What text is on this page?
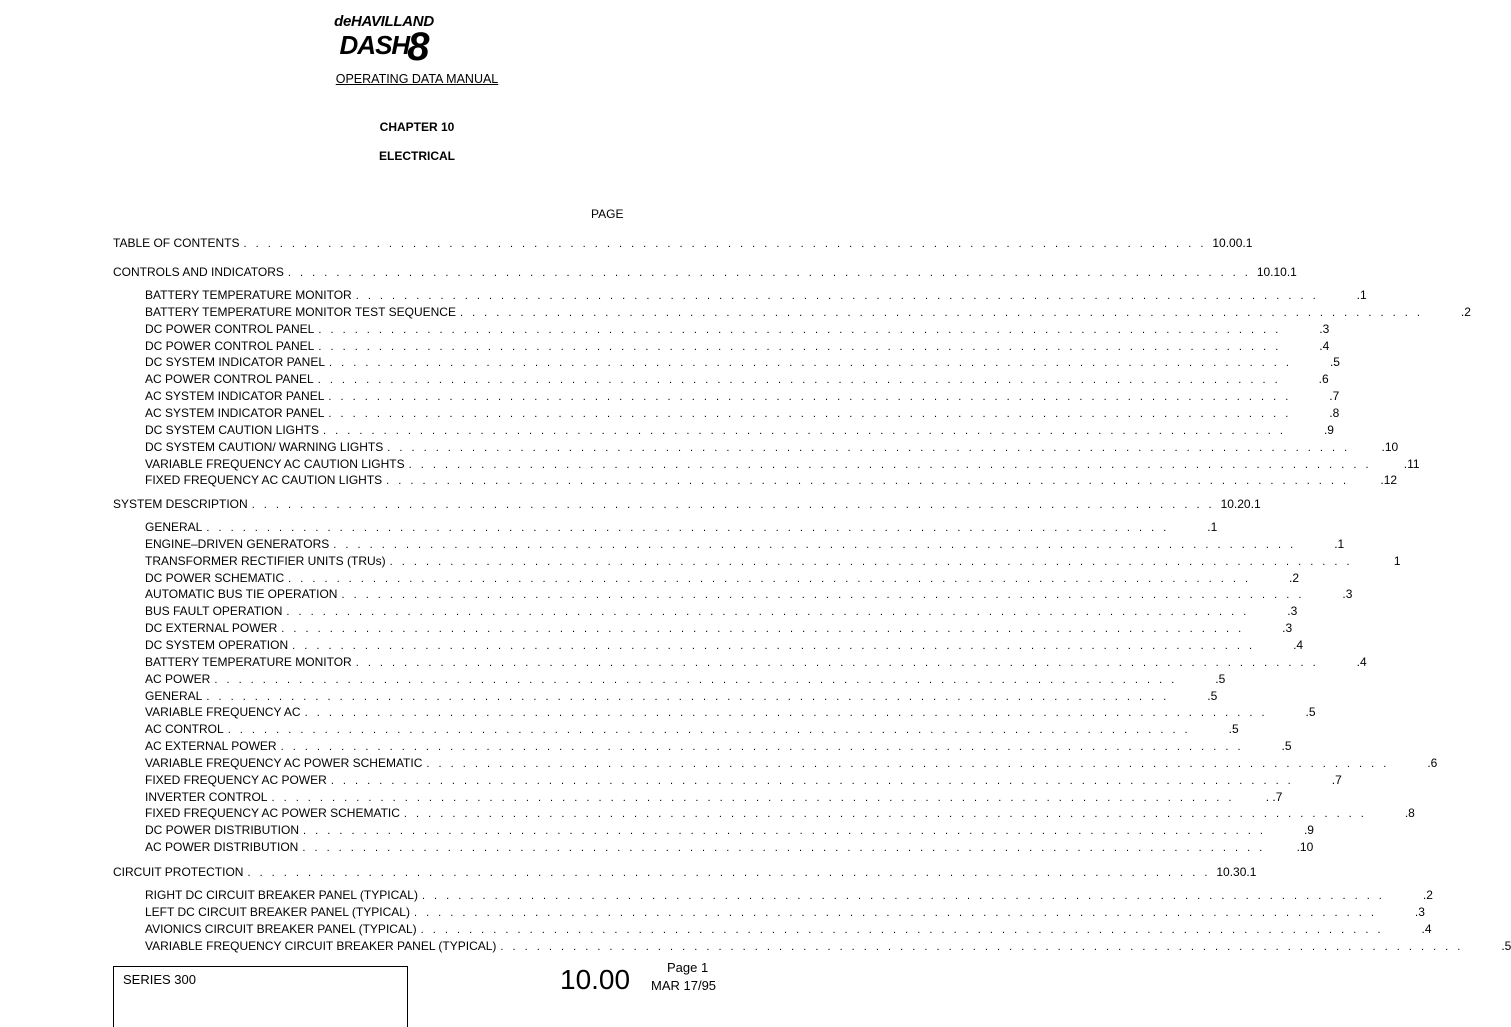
deHAVILLAND
DASH8
OPERATING DATA MANUAL
CHAPTER 10
ELECTRICAL
PAGE
TABLE OF CONTENTS . . . . . . . . . . . . . . . . . . . . . . . . . . . . . . . . . . . . . . . . . . . . . . . . . . . . . . . . . . . . . . . . . . . . . . . . . . . . . . . . 10.00.1
CONTROLS AND INDICATORS . . . . . . . . . . . . . . . . . . . . . . . . . . . . . . . . . . . . . . . . . . . . . . . . . . . . . . . . . . . . . . . . . . . . . . . . . . . . . . . . 10.10.1
BATTERY TEMPERATURE MONITOR . . . . . . . . . . . . . . . . . . . . . . . . . . . . . . . . . . . . . . . . . . . . . . . . . . . . . . . . . . . . . . . . . . . . . . . . . . . . . . . .	.1
BATTERY TEMPERATURE MONITOR TEST SEQUENCE . . . . . . . . . . . . . . . . . . . . . . . . . . . . . . . . . . . . . . . . . . . . . . . . . . . . . . . . . . . . . . . . . . . . . . . . . . . . . . . .	.2
DC POWER CONTROL PANEL . . . . . . . . . . . . . . . . . . . . . . . . . . . . . . . . . . . . . . . . . . . . . . . . . . . . . . . . . . . . . . . . . . . . . . . . . . . . . . . .	.3
DC POWER CONTROL PANEL . . . . . . . . . . . . . . . . . . . . . . . . . . . . . . . . . . . . . . . . . . . . . . . . . . . . . . . . . . . . . . . . . . . . . . . . . . . . . . . .	.4
DC SYSTEM INDICATOR PANEL . . . . . . . . . . . . . . . . . . . . . . . . . . . . . . . . . . . . . . . . . . . . . . . . . . . . . . . . . . . . . . . . . . . . . . . . . . . . . . . .	.5
AC POWER CONTROL PANEL . . . . . . . . . . . . . . . . . . . . . . . . . . . . . . . . . . . . . . . . . . . . . . . . . . . . . . . . . . . . . . . . . . . . . . . . . . . . . . . .	.6
AC SYSTEM INDICATOR PANEL . . . . . . . . . . . . . . . . . . . . . . . . . . . . . . . . . . . . . . . . . . . . . . . . . . . . . . . . . . . . . . . . . . . . . . . . . . . . . . . .	.7
AC SYSTEM INDICATOR PANEL . . . . . . . . . . . . . . . . . . . . . . . . . . . . . . . . . . . . . . . . . . . . . . . . . . . . . . . . . . . . . . . . . . . . . . . . . . . . . . . .	.8
DC SYSTEM CAUTION LIGHTS . . . . . . . . . . . . . . . . . . . . . . . . . . . . . . . . . . . . . . . . . . . . . . . . . . . . . . . . . . . . . . . . . . . . . . . . . . . . . . . .	.9
DC SYSTEM CAUTION/ WARNING LIGHTS . . . . . . . . . . . . . . . . . . . . . . . . . . . . . . . . . . . . . . . . . . . . . . . . . . . . . . . . . . . . . . . . . . . . . . . . . . . . . . . .	.10
VARIABLE FREQUENCY AC CAUTION LIGHTS . . . . . . . . . . . . . . . . . . . . . . . . . . . . . . . . . . . . . . . . . . . . . . . . . . . . . . . . . . . . . . . . . . . . . . . . . . . . . . . .	.11
FIXED FREQUENCY AC CAUTION LIGHTS . . . . . . . . . . . . . . . . . . . . . . . . . . . . . . . . . . . . . . . . . . . . . . . . . . . . . . . . . . . . . . . . . . . . . . . . . . . . . . . .	.12
SYSTEM DESCRIPTION . . . . . . . . . . . . . . . . . . . . . . . . . . . . . . . . . . . . . . . . . . . . . . . . . . . . . . . . . . . . . . . . . . . . . . . . . . . . . . . . 10.20.1
GENERAL . . . . . . . . . . . . . . . . . . . . . . . . . . . . . . . . . . . . . . . . . . . . . . . . . . . . . . . . . . . . . . . . . . . . . . . . . . . . . . . .	.1
ENGINE–DRIVEN GENERATORS . . . . . . . . . . . . . . . . . . . . . . . . . . . . . . . . . . . . . . . . . . . . . . . . . . . . . . . . . . . . . . . . . . . . . . . . . . . . . . . .	.1
TRANSFORMER RECTIFIER UNITS (TRUs) . . . . . . . . . . . . . . . . . . . . . . . . . . . . . . . . . . . . . . . . . . . . . . . . . . . . . . . . . . . . . . . . . . . . . . . . . . . . . . . .	1
DC POWER SCHEMATIC . . . . . . . . . . . . . . . . . . . . . . . . . . . . . . . . . . . . . . . . . . . . . . . . . . . . . . . . . . . . . . . . . . . . . . . . . . . . . . . .	.2
AUTOMATIC BUS TIE OPERATION . . . . . . . . . . . . . . . . . . . . . . . . . . . . . . . . . . . . . . . . . . . . . . . . . . . . . . . . . . . . . . . . . . . . . . . . . . . . . . . .	.3
BUS FAULT OPERATION . . . . . . . . . . . . . . . . . . . . . . . . . . . . . . . . . . . . . . . . . . . . . . . . . . . . . . . . . . . . . . . . . . . . . . . . . . . . . . . .	.3
DC EXTERNAL POWER . . . . . . . . . . . . . . . . . . . . . . . . . . . . . . . . . . . . . . . . . . . . . . . . . . . . . . . . . . . . . . . . . . . . . . . . . . . . . . . .	.3
DC SYSTEM OPERATION . . . . . . . . . . . . . . . . . . . . . . . . . . . . . . . . . . . . . . . . . . . . . . . . . . . . . . . . . . . . . . . . . . . . . . . . . . . . . . . .	.4
BATTERY TEMPERATURE MONITOR . . . . . . . . . . . . . . . . . . . . . . . . . . . . . . . . . . . . . . . . . . . . . . . . . . . . . . . . . . . . . . . . . . . . . . . . . . . . . . . .	.4
AC POWER . . . . . . . . . . . . . . . . . . . . . . . . . . . . . . . . . . . . . . . . . . . . . . . . . . . . . . . . . . . . . . . . . . . . . . . . . . . . . . . .	.5
GENERAL . . . . . . . . . . . . . . . . . . . . . . . . . . . . . . . . . . . . . . . . . . . . . . . . . . . . . . . . . . . . . . . . . . . . . . . . . . . . . . . .	.5
VARIABLE FREQUENCY AC . . . . . . . . . . . . . . . . . . . . . . . . . . . . . . . . . . . . . . . . . . . . . . . . . . . . . . . . . . . . . . . . . . . . . . . . . . . . . . . .	.5
AC CONTROL . . . . . . . . . . . . . . . . . . . . . . . . . . . . . . . . . . . . . . . . . . . . . . . . . . . . . . . . . . . . . . . . . . . . . . . . . . . . . . . .	.5
AC EXTERNAL POWER . . . . . . . . . . . . . . . . . . . . . . . . . . . . . . . . . . . . . . . . . . . . . . . . . . . . . . . . . . . . . . . . . . . . . . . . . . . . . . . .	.5
VARIABLE FREQUENCY AC POWER SCHEMATIC . . . . . . . . . . . . . . . . . . . . . . . . . . . . . . . . . . . . . . . . . . . . . . . . . . . . . . . . . . . . . . . . . . . . . . . . . . . . . . . .	.6
FIXED FREQUENCY AC POWER . . . . . . . . . . . . . . . . . . . . . . . . . . . . . . . . . . . . . . . . . . . . . . . . . . . . . . . . . . . . . . . . . . . . . . . . . . . . . . . .	.7
INVERTER CONTROL . . . . . . . . . . . . . . . . . . . . . . . . . . . . . . . . . . . . . . . . . . . . . . . . . . . . . . . . . . . . . . . . . . . . . . . . . . . . . . . .	. .7
FIXED FREQUENCY AC POWER SCHEMATIC . . . . . . . . . . . . . . . . . . . . . . . . . . . . . . . . . . . . . . . . . . . . . . . . . . . . . . . . . . . . . . . . . . . . . . . . . . . . . . . .	.8
DC POWER DISTRIBUTION . . . . . . . . . . . . . . . . . . . . . . . . . . . . . . . . . . . . . . . . . . . . . . . . . . . . . . . . . . . . . . . . . . . . . . . . . . . . . . . .	.9
AC POWER DISTRIBUTION . . . . . . . . . . . . . . . . . . . . . . . . . . . . . . . . . . . . . . . . . . . . . . . . . . . . . . . . . . . . . . . . . . . . . . . . . . . . . . . .	.10
CIRCUIT PROTECTION . . . . . . . . . . . . . . . . . . . . . . . . . . . . . . . . . . . . . . . . . . . . . . . . . . . . . . . . . . . . . . . . . . . . . . . . . . . . . . . . 10.30.1
RIGHT DC CIRCUIT BREAKER PANEL (TYPICAL) . . . . . . . . . . . . . . . . . . . . . . . . . . . . . . . . . . . . . . . . . . . . . . . . . . . . . . . . . . . . . . . . . . . . . . . . . . . . . . . .	.2
LEFT DC CIRCUIT BREAKER PANEL (TYPICAL) . . . . . . . . . . . . . . . . . . . . . . . . . . . . . . . . . . . . . . . . . . . . . . . . . . . . . . . . . . . . . . . . . . . . . . . . . . . . . . . .	.3
AVIONICS CIRCUIT BREAKER PANEL (TYPICAL) . . . . . . . . . . . . . . . . . . . . . . . . . . . . . . . . . . . . . . . . . . . . . . . . . . . . . . . . . . . . . . . . . . . . . . . . . . . . . . . .	.4
VARIABLE FREQUENCY CIRCUIT BREAKER PANEL (TYPICAL) . . . . . . . . . . . . . . . . . . . . . . . . . . . . . . . . . . . . . . . . . . . . . . . . . . . . . . . . . . . . . . . . . . . . . . . . . . . . . . . .	.5
SERIES 300	10.00	Page 1
MAR 17/95
